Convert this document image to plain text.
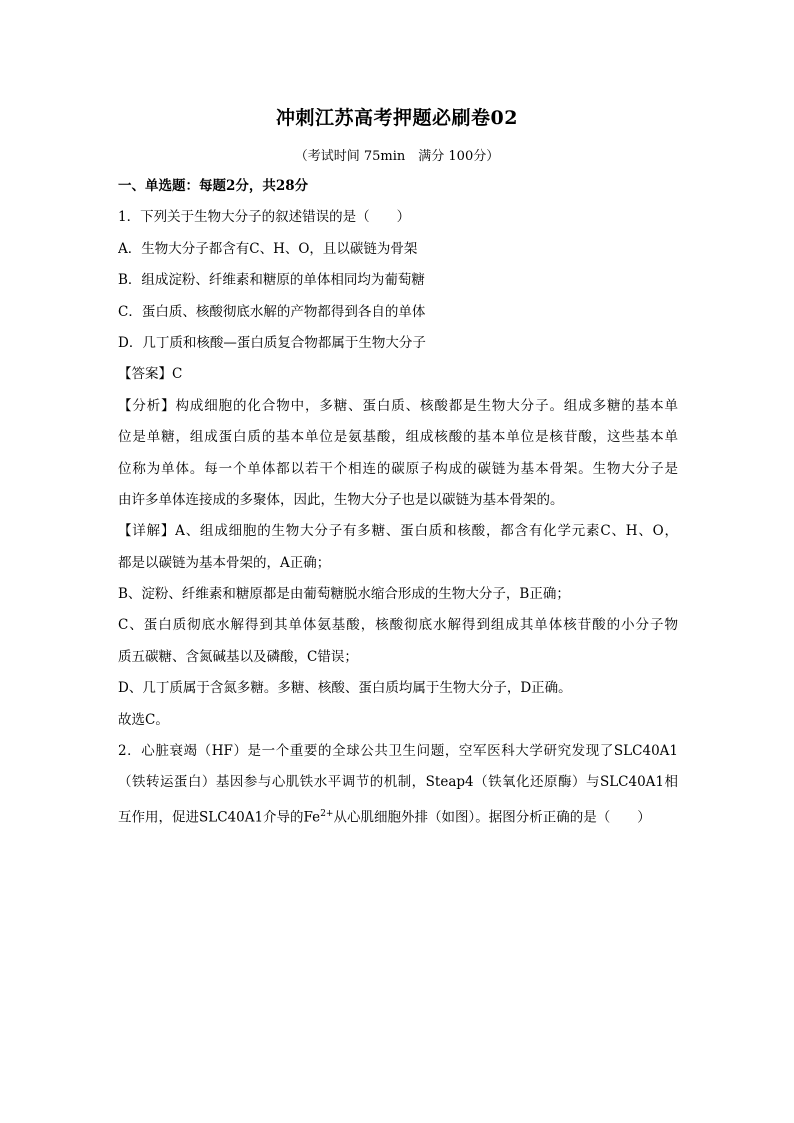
冲刺江苏高考押题必刷卷02
（考试时间 75min　满分 100分）
一、单选题：每题2分，共28分
1．下列关于生物大分子的叙述错误的是（　　）
A．生物大分子都含有C、H、O，且以碳链为骨架
B．组成淀粉、纤维素和糖原的单体相同均为葡萄糖
C．蛋白质、核酸彻底水解的产物都得到各自的单体
D．几丁质和核酸—蛋白质复合物都属于生物大分子
【答案】C
【分析】构成细胞的化合物中，多糖、蛋白质、核酸都是生物大分子。组成多糖的基本单
位是单糖，组成蛋白质的基本单位是氨基酸，组成核酸的基本单位是核苷酸，这些基本单
位称为单体。每一个单体都以若干个相连的碳原子构成的碳链为基本骨架。生物大分子是
由许多单体连接成的多聚体，因此，生物大分子也是以碳链为基本骨架的。
【详解】A、组成细胞的生物大分子有多糖、蛋白质和核酸，都含有化学元素C、H、O，
都是以碳链为基本骨架的，A正确；
B、淀粉、纤维素和糖原都是由葡萄糖脱水缩合形成的生物大分子，B正确；
C、蛋白质彻底水解得到其单体氨基酸，核酸彻底水解得到组成其单体核苷酸的小分子物
质五碳糖、含氮碱基以及磷酸，C错误；
D、几丁质属于含氮多糖。多糖、核酸、蛋白质均属于生物大分子，D正确。
故选C。
2．心脏衰竭（HF）是一个重要的全球公共卫生问题，空军医科大学研究发现了SLC40A1
（铁转运蛋白）基因参与心肌铁水平调节的机制，Steap4（铁氧化还原酶）与SLC40A1相
互作用，促进SLC40A1介导的$Fe^{2+}$从心肌细胞外排（如图）。据图分析正确的是（　　）
